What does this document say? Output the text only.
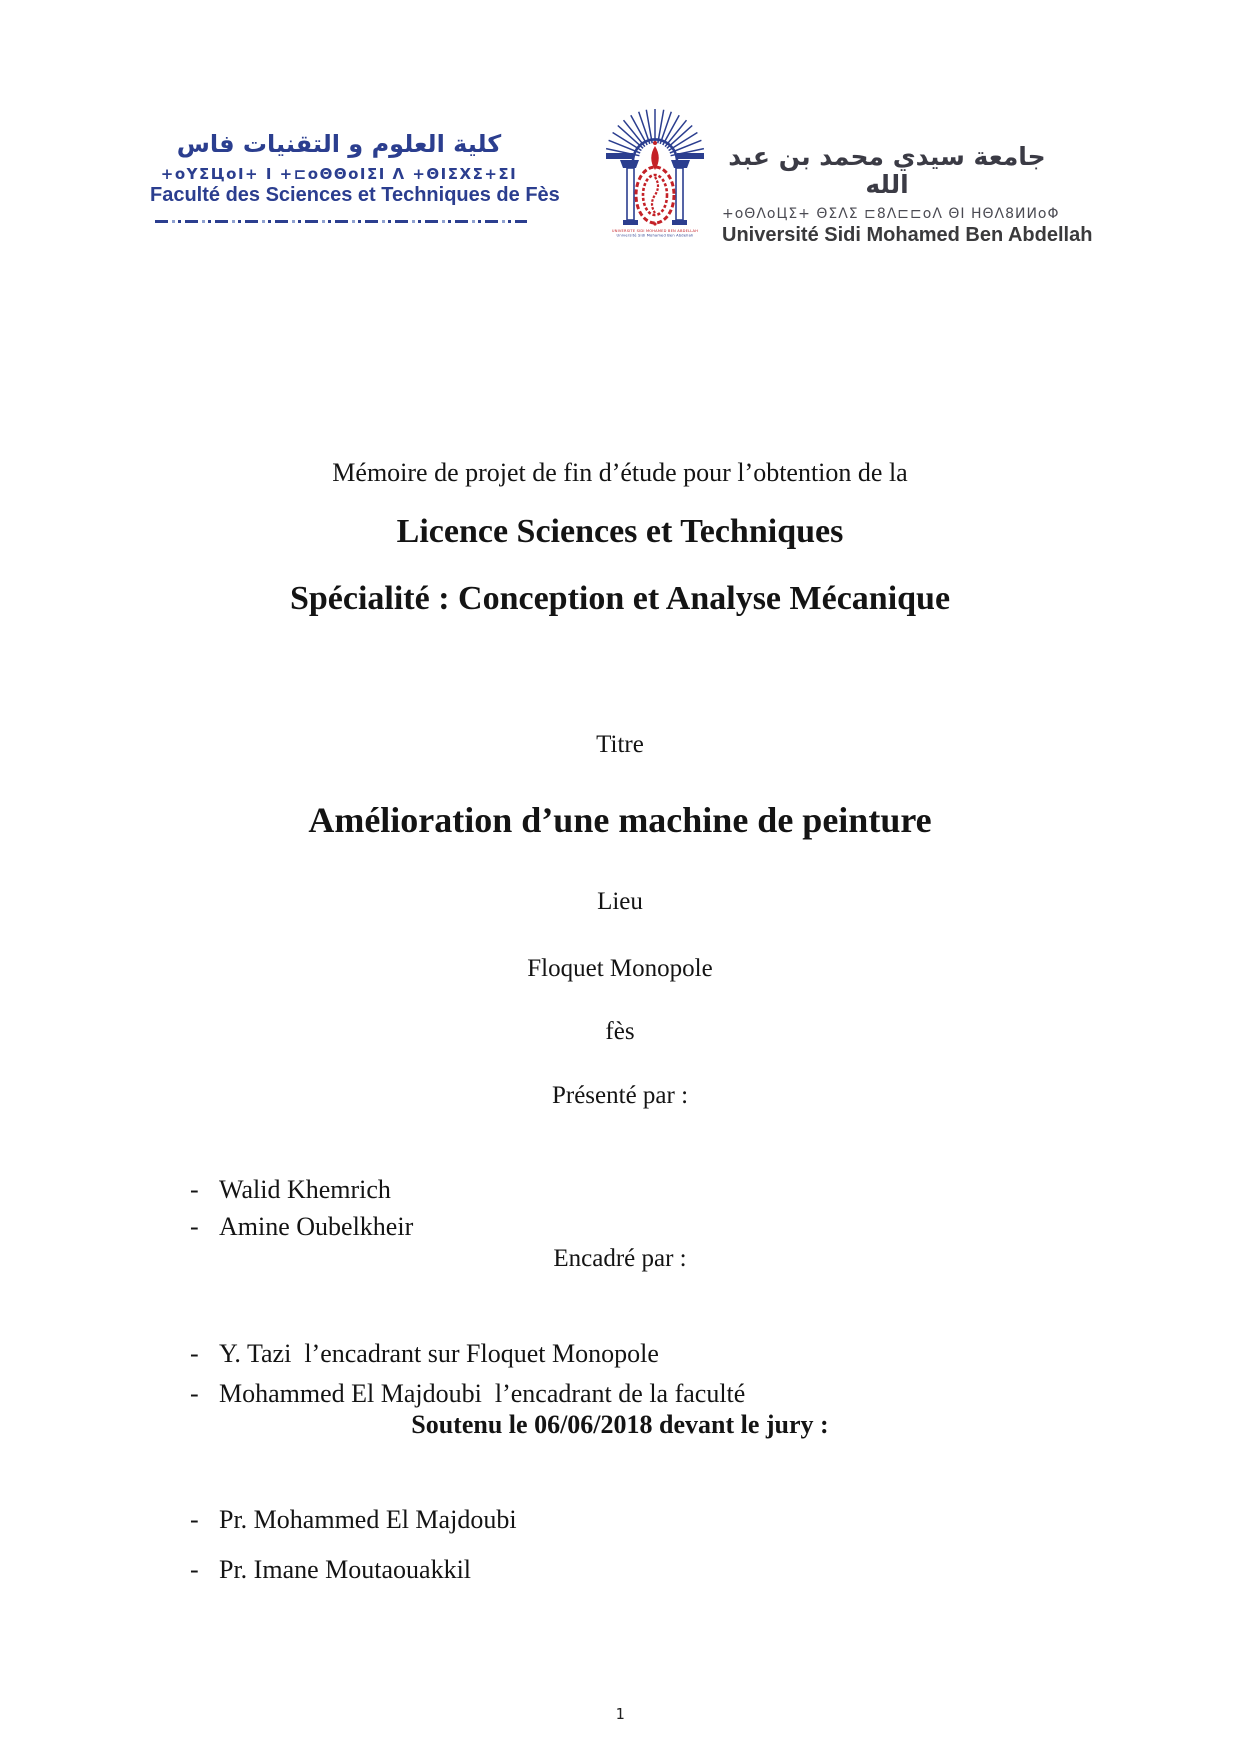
كلية العلوم و التقنيات فاس
+oΥΣЦoΙ+ Ι +⊏oΘΘoΙΣΙ Λ +ΘΙΣΧΣ+ΣΙ
Faculté des Sciences et Techniques de Fès
UNIVERSITE SIDI MOHAMED BEN ABDELLAH
Université Sidi Mohamed Ben Abdellah
جامعة سيدي محمد بن عبد الله
+oΘΛoЦΣ+ ΘΣΛΣ ⊏8Λ⊏⊏oΛ ΘΙ ΗΘΛ8ИИoΦ
Université Sidi Mohamed Ben Abdellah
Mémoire de projet de fin d’étude pour l’obtention de la
Licence Sciences et Techniques
Spécialité : Conception et Analyse Mécanique
Titre
Amélioration d’une machine de peinture
Lieu
Floquet Monopole
fès
Présenté par :

- Walid Khemrich

- Amine Oubelkheir

Encadré par :

- Y. Tazi  l’encadrant sur Floquet Monopole

- Mohammed El Majdoubi  l’encadrant de la faculté

Soutenu le 06/06/2018 devant le jury :

- Pr. Mohammed El Majdoubi

- Pr. Imane Moutaouakkil

1
